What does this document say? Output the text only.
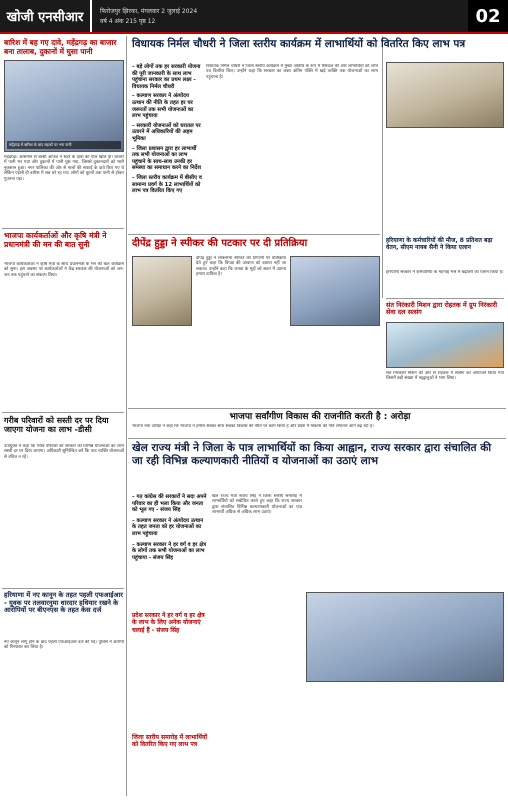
खोजी एनसीआर	फिरोजपुर झिरका, मंगलवार 2 जुलाई 2024
वर्ष 4 अंक 215 पृष्ठ 12	02
बारिश में बह गए दावे, महेंद्रगढ़ का बाजार बना तालाब, दुकानों में घुसा पानी
महेंद्रगढ़ में बारिश के बाद सड़कों पर भरा पानी
महेंद्रगढ़। आसमान से बरसी आफत ने शहर के दावों की पोल खोल दी। बाजार में पानी भर गया और दुकानों में पानी घुस गया, जिससे दुकानदारों को भारी नुकसान हुआ। नगर पालिका की ओर से नालों की सफाई के दावे किए गए थे लेकिन पहली ही बारिश में सब धरे रह गए। लोगों को घुटनों तक पानी से होकर गुजरना पड़ा।
भाजपा कार्यकर्ताओं और कृषि मंत्री ने प्रधानमंत्री की मन की बात सुनी
भाजपा कार्यकर्ताओं ने कृषि मंत्री के साथ प्रधानमंत्री के मन की बात कार्यक्रम को सुना। इस अवसर पर कार्यकर्ताओं ने केंद्र सरकार की योजनाओं को जन-जन तक पहुंचाने का संकल्प लिया।
गरीब परिवारों को सस्ती दर पर दिया जाएगा योजना का लाभ -डीसी
उपायुक्त ने कहा कि गरीब परिवारों को सरकार की विभिन्न योजनाओं का लाभ सस्ती दर पर दिया जाएगा। अधिकारी सुनिश्चित करें कि पात्र व्यक्ति योजनाओं से वंचित न रहें।
हरियाणा में नए कानून के तहत पहली एफआईआर - युवक पर तलवारनुमा धारदार हथियार रखने के आरोपियों पर बीएनएस के तहत केस दर्ज
नए कानून लागू होने के बाद पहली एफआईआर दर्ज की गई। पुलिस ने आरोपी को गिरफ्तार कर लिया है।
विधायक निर्मल चौधरी ने जिला स्तरीय कार्यक्रम में लाभार्थियों को वितरित किए लाभ पत्र
– बड़े लोगों तक हर सरकारी योजना की पूरी जानकारी के साथ लाभ पहुंचाना सरकार का प्रथम लक्ष्य - विधायक निर्मल चौधरी
– कल्याण सरकार ने अंत्योदय उत्थान की नीति के तहत हर घर जरूरतों तक सभी योजनाओं का लाभ पहुंचाया
– सरकारी योजनाओं को धरातल पर उतारने में अधिकारियों की अहम भूमिका
– जिला प्रशासन द्वारा हर लाभार्थी तक सभी योजनाओं का लाभ पहुंचाने के साथ-साथ उनकी हर समस्या का समाधान करने का निर्देश
– जिला स्तरीय कार्यक्रम में बीसीए व सामान्य प्रवर्ग के 12 लाभार्थियों को लाभ पत्र वितरित किए गए
विधायक निर्मल चौधरी ने जिला स्तरीय कार्यक्रम में मुख्य अतिथि के रूप में शिरकत की और लाभार्थियों को लाभ पत्र वितरित किए। उन्होंने कहा कि सरकार का लक्ष्य अंतिम पंक्ति में खड़े व्यक्ति तक योजनाओं का लाभ पहुंचाना है।
दीपेंद्र हुड्डा ने स्पीकर की पटकार पर दी प्रतिक्रिया
दीपेंद्र हुड्डा ने लोकसभा स्पीकर की टिप्पणी पर प्रतिक्रिया देते हुए कहा कि विपक्ष की आवाज को दबाया नहीं जा सकता। उन्होंने कहा कि जनता के मुद्दों को सदन में उठाना हमारा दायित्व है।
हरियाणा के कर्मचारियों की मौज, 8 प्रतिशत बढ़ा वेतन, सीएम नायब सैनी ने किया एलान
हरियाणा सरकार ने कर्मचारियों के महंगाई भत्ते में बढ़ोतरी का एलान किया है।
संत निरंकारी मिशन द्वारा रोहतक में ग्रुप निरंकारी सेवा दल सत्संग
संत निरंकारी मिशन की ओर से रोहतक में सत्संग का आयोजन किया गया जिसमें बड़ी संख्या में श्रद्धालुओं ने भाग लिया।
भाजपा सर्वांगीण विकास की राजनीति करती है : अरोड़ा
भाजपा नेता अरोड़ा ने कहा कि भाजपा ने हमेशा सबका साथ सबका विकास की नीति पर काम किया है और प्रदेश में विकास की गति लगातार आगे बढ़ रही है।
खेल राज्य मंत्री ने जिला के पात्र लाभार्थियों का किया आह्वान, राज्य सरकार द्वारा संचालित की जा रही विभिन्न कल्याणकारी नीतियों व योजनाओं का उठाएं लाभ
– गत कांग्रेस की सरकारों ने सदा अपने परिवार का ही भला किया और जनता को भूल गए - संजय सिंह
– कल्याण सरकार ने अंत्योदय उत्थान के तहत जनता को हर योजनाओं का लाभ पहुंचाया
– कल्याण सरकार ने हर वर्ग व हर क्षेत्र के लोगों तक सभी योजनाओं का लाभ पहुंचाया - संजय सिंह
प्रदेश सरकार ने हर वर्ग व हर क्षेत्र के लाभ के लिए अनेक योजनाएं चलाई हैं - संजय सिंह
जिला स्तरीय समारोह में लाभार्थियों को वितरित किए गए लाभ पत्र
खेल राज्य मंत्री संजय सिंह ने जिला स्तरीय समारोह में लाभार्थियों को संबोधित करते हुए कहा कि राज्य सरकार द्वारा संचालित विभिन्न कल्याणकारी योजनाओं का पात्र लाभार्थी अधिक से अधिक लाभ उठाएं।
